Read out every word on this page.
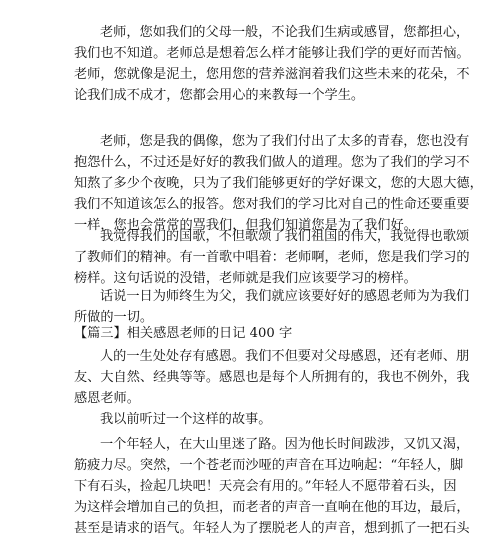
老师，您如我们的父母一般，不论我们生病或感冒，您都担心，
我们也不知道。老师总是想着怎么样才能够让我们学的更好而苦恼。
老师，您就像是泥土，您用您的营养滋润着我们这些未来的花朵，不
论我们成不成才，您都会用心的来教每一个学生。
老师，您是我的偶像，您为了我们付出了太多的青春，您也没有
抱怨什么，不过还是好好的教我们做人的道理。您为了我们的学习不
知熬了多少个夜晚，只为了我们能够更好的学好课文，您的大恩大德，
我们不知道该怎么的报答。您对我们的学习比对自己的性命还要重要
一样，您也会常常的骂我们，但我们知道您是为了我们好。
我觉得我们的国歌，不但歌颂了我们祖国的伟大，我觉得也歌颂
了教师们的精神。有一首歌中唱着：老师啊，老师，您是我们学习的
榜样。这句话说的没错，老师就是我们应该要学习的榜样。
话说一日为师终生为父，我们就应该要好好的感恩老师为为我们
所做的一切。
【篇三】相关感恩老师的日记 400 字
人的一生处处存有感恩。我们不但要对父母感恩，还有老师、朋
友、大自然、经典等等。感恩也是每个人所拥有的，我也不例外，我
感恩老师。
我以前听过一个这样的故事。
一个年轻人，在大山里迷了路。因为他长时间跋涉，又饥又渴，
筋疲力尽。突然，一个苍老而沙哑的声音在耳边响起：“年轻人，脚
下有石头，捡起几块吧！天亮会有用的。”年轻人不愿带着石头，因
为这样会增加自己的负担，而老者的声音一直响在他的耳边，最后，
甚至是请求的语气。年轻人为了摆脱老人的声音，想到抓了一把石头
